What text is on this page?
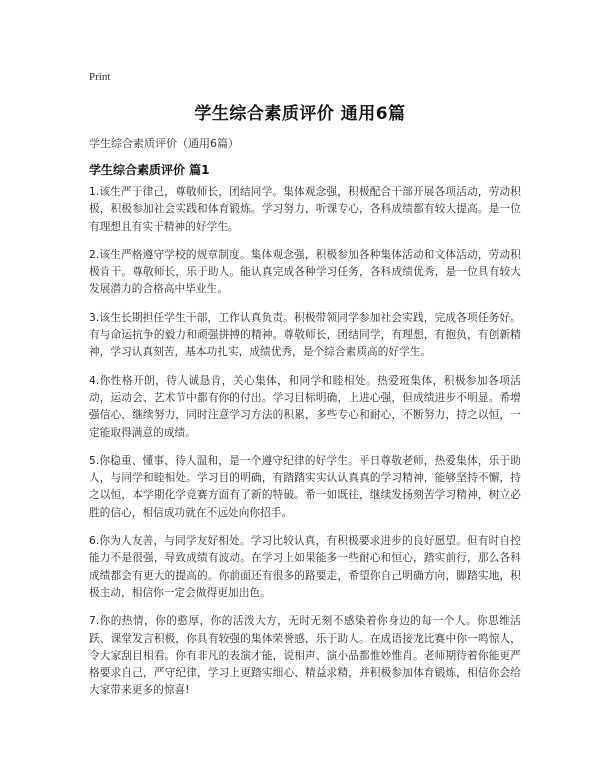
Print
学生综合素质评价 通用6篇
学生综合素质评价（通用6篇）
学生综合素质评价 篇1

1.该生严于律己，尊敬师长，团结同学。集体观念强，积极配合干部开展各项活动，劳动积极，积极参加社会实践和体育锻炼。学习努力，听课专心，各科成绩都有较大提高。是一位有理想且有实干精神的好学生。

2.该生严格遵守学校的规章制度。集体观念强，积极参加各种集体活动和文体活动，劳动积极肯干。尊敬师长，乐于助人。能认真完成各种学习任务，各科成绩优秀，是一位具有较大发展潜力的合格高中毕业生。

3.该生长期担任学生干部，工作认真负责。积极带领同学参加社会实践，完成各项任务好。有与命运抗争的毅力和顽强拼搏的精神。尊敬师长，团结同学，有理想，有抱负，有创新精神，学习认真刻苦，基本功扎实，成绩优秀，是个综合素质高的好学生。

4.你性格开朗，待人诚恳肯，关心集体，和同学和睦相处。热爱班集体，积极参加各项活动，运动会、艺术节中都有你的付出。学习目标明确，上进心强，但成绩进步不明显。希增强信心，继续努力，同时注意学习方法的积累，多些专心和耐心，不断努力，持之以恒，一定能取得满意的成绩。

5.你稳重、懂事、待人温和，是一个遵守纪律的好学生。平日尊敬老师，热爱集体，乐于助人，与同学和睦相处。学习目的明确，有踏踏实实认认真真的学习精神，能够坚持不懈，持之以恒，本学期化学竞赛方面有了新的特破。希一如既往，继续发扬刻苦学习精神，树立必胜的信心，相信成功就在不远处向你招手。

6.你为人友善，与同学友好相处。学习比较认真，有积极要求进步的良好愿望。但有时自控能力不是很强，导致成绩有波动。在学习上如果能多一些耐心和恒心，踏实前行，那么各科成绩都会有更大的提高的。你前面还有很多的路要走，希望你自己明确方向，脚踏实地，积极主动，相信你一定会做得更加出色。

7.你的热情，你的憨厚，你的活泼大方，无时无刻不感染着你身边的每一个人。你思维活跃、课堂发言积极，你具有较强的集体荣誉感，乐于助人。在成语接龙比赛中你一鸣惊人，令大家刮目相看。你有非凡的表演才能，说相声、演小品都惟妙惟肖。老师期待着你能更严格要求自己，严守纪律，学习上更踏实细心、精益求精，并积极参加体育锻炼，相信你会给大家带来更多的惊喜!
